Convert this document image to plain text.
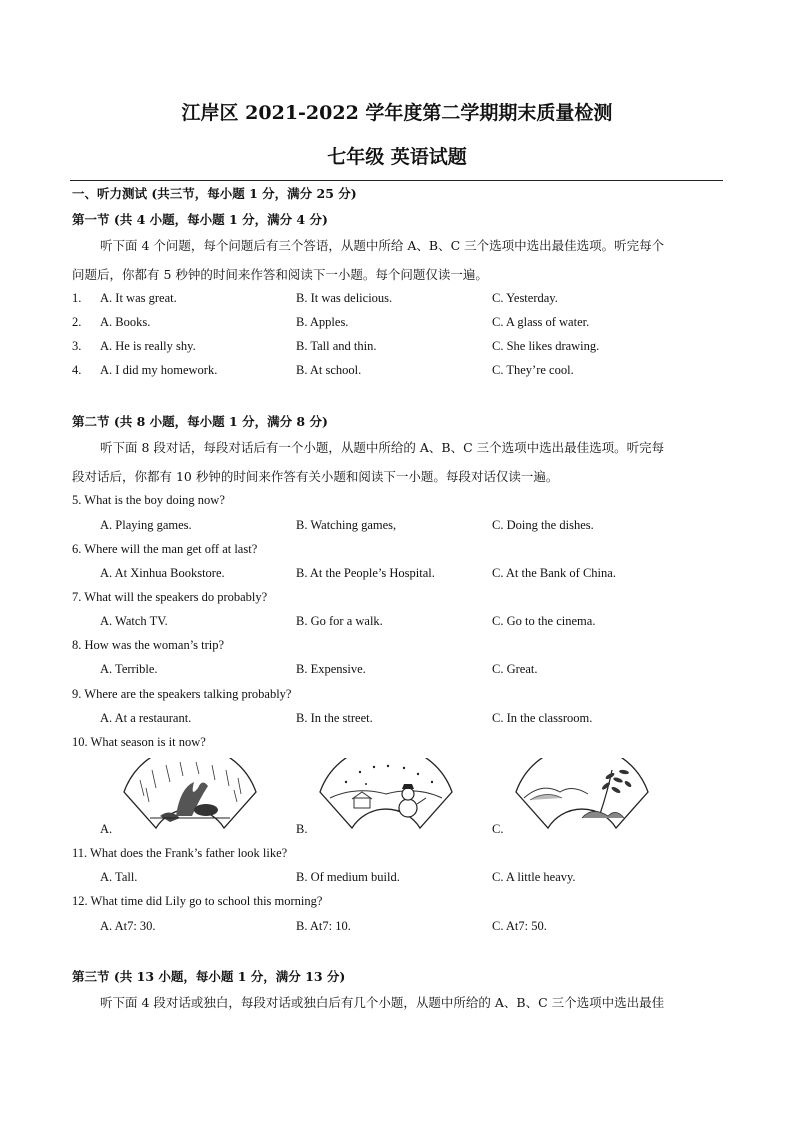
江岸区 2021-2022 学年度第二学期期末质量检测
七年级 英语试题
一、听力测试 (共三节，每小题 1 分，满分 25 分)
第一节 (共 4 小题，每小题 1 分，满分 4 分)
听下面 4 个问题，每个问题后有三个答语，从题中所给 A、B、C 三个选项中选出最佳选项。听完每个
问题后，你都有 5 秒钟的时间来作答和阅读下一小题。每个问题仅读一遍。
1. A. It was great.	B. It was delicious.	C. Yesterday.
2. A. Books.	B. Apples.	C. A glass of water.
3. A. He is really shy.	B. Tall and thin.	C. She likes drawing.
4. A. I did my homework.	B. At school.	C. They’re cool.
第二节 (共 8 小题，每小题 1 分，满分 8 分)
听下面 8 段对话，每段对话后有一个小题，从题中所给的 A、B、C 三个选项中选出最佳选项。听完每
段对话后，你都有 10 秒钟的时间来作答有关小题和阅读下一小题。每段对话仅读一遍。
5. What is the boy doing now?
A. Playing games.	B. Watching games,	C. Doing the dishes.
6. Where will the man get off at last?
A. At Xinhua Bookstore.	B. At the People’s Hospital.	C. At the Bank of China.
7. What will the speakers do probably?
A. Watch TV.	B. Go for a walk.	C. Go to the cinema.
8. How was the woman’s trip?
A. Terrible.	B. Expensive.	C. Great.
9. Where are the speakers talking probably?
A. At a restaurant.	B. In the street.	C. In the classroom.
10. What season is it now?
A.	B.	C.
11. What does the Frank’s father look like?
A. Tall.	B. Of medium build.	C. A little heavy.
12. What time did Lily go to school this morning?
A. At7: 30.	B. At7: 10.	C. At7: 50.
第三节 (共 13 小题，每小题 1 分，满分 13 分)
听下面 4 段对话或独白，每段对话或独白后有几个小题，从题中所给的 A、B、C 三个选项中选出最佳
